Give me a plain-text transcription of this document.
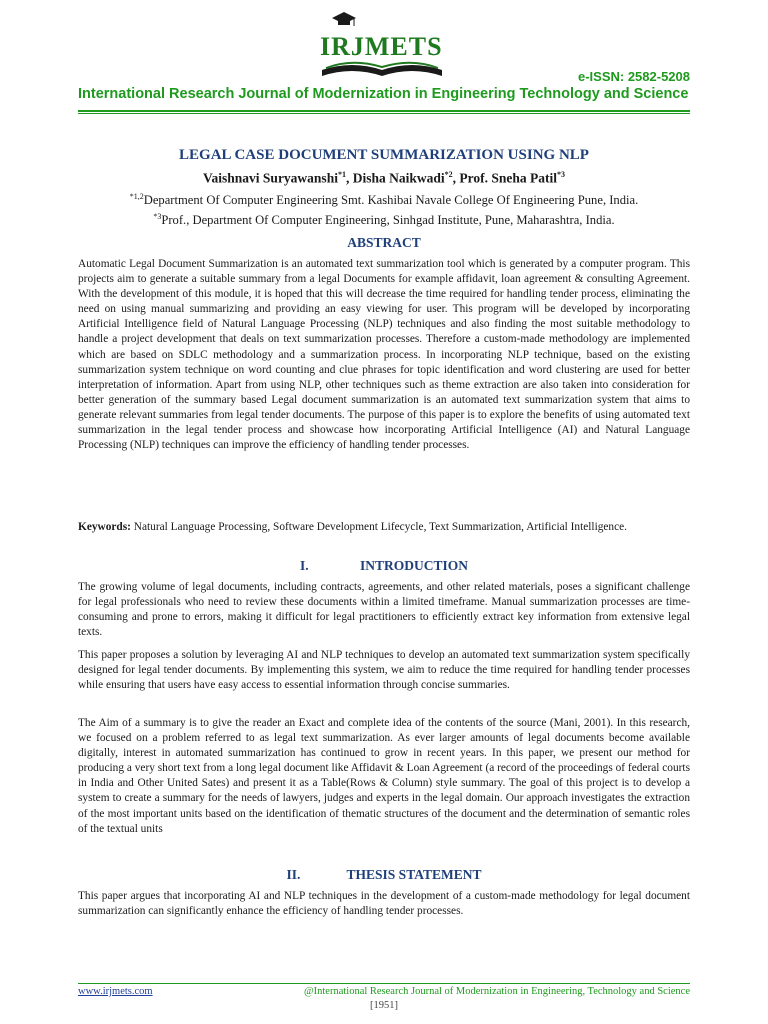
IRJMETS
e-ISSN: 2582-5208
International Research Journal of Modernization in Engineering Technology and Science
LEGAL CASE DOCUMENT SUMMARIZATION USING NLP
Vaishnavi Suryawanshi$^{*1}$, Disha Naikwadi$^{*2}$, Prof. Sneha Patil$^{*3}$
$^{*1,2}$Department Of Computer Engineering Smt. Kashibai Navale College Of Engineering Pune, India.
$^{*3}$Prof., Department Of Computer Engineering, Sinhgad Institute, Pune, Maharashtra, India.
ABSTRACT

Automatic Legal Document Summarization is an automated text summarization tool which is generated by a computer program. This projects aim to generate a suitable summary from a legal Documents for example affidavit, loan agreement & consulting Agreement. With the development of this module, it is hoped that this will decrease the time required for handling tender process, eliminating the need on using manual summarizing and providing an easy viewing for user. This program will be developed by incorporating Artificial Intelligence field of Natural Language Processing (NLP) techniques and also finding the most suitable methodology to handle a project development that deals on text summarization processes. Therefore a custom-made methodology are implemented which are based on SDLC methodology and a summarization process. In incorporating NLP technique, based on the existing summarization system technique on word counting and clue phrases for topic identification and word clustering are used for better interpretation of information. Apart from using NLP, other techniques such as theme extraction are also taken into consideration for better generation of the summary based Legal document summarization is an automated text summarization system that aims to generate relevant summaries from legal tender documents. The purpose of this paper is to explore the benefits of using automated text summarization in the legal tender process and showcase how incorporating Artificial Intelligence (AI) and Natural Language Processing (NLP) techniques can improve the efficiency of handling tender processes.

Keywords: Natural Language Processing, Software Development Lifecycle, Text Summarization, Artificial Intelligence.

I.	INTRODUCTION

The growing volume of legal documents, including contracts, agreements, and other related materials, poses a significant challenge for legal professionals who need to review these documents within a limited timeframe. Manual summarization processes are time-consuming and prone to errors, making it difficult for legal practitioners to efficiently extract key information from extensive legal texts.

This paper proposes a solution by leveraging AI and NLP techniques to develop an automated text summarization system specifically designed for legal tender documents. By implementing this system, we aim to reduce the time required for handling tender processes while ensuring that users have easy access to essential information through concise summaries.

The Aim of a summary is to give the reader an Exact and complete idea of the contents of the source (Mani, 2001). In this research, we focused on a problem referred to as legal text summarization. As ever larger amounts of legal documents become available digitally, interest in automated summarization has continued to grow in recent years. In this paper, we present our method for producing a very short text from a long legal document like Affidavit & Loan Agreement (a record of the proceedings of federal courts in India and Other United Sates) and present it as a Table(Rows & Column) style summary. The goal of this project is to develop a system to create a summary for the needs of lawyers, judges and experts in the legal domain. Our approach investigates the extraction of the most important units based on the identification of thematic structures of the document and the determination of semantic roles of the textual units

II.	THESIS STATEMENT

This paper argues that incorporating AI and NLP techniques in the development of a custom-made methodology for legal document summarization can significantly enhance the efficiency of handling tender processes.

www.irjmets.com	@International Research Journal of Modernization in Engineering, Technology and Science
[1951]
